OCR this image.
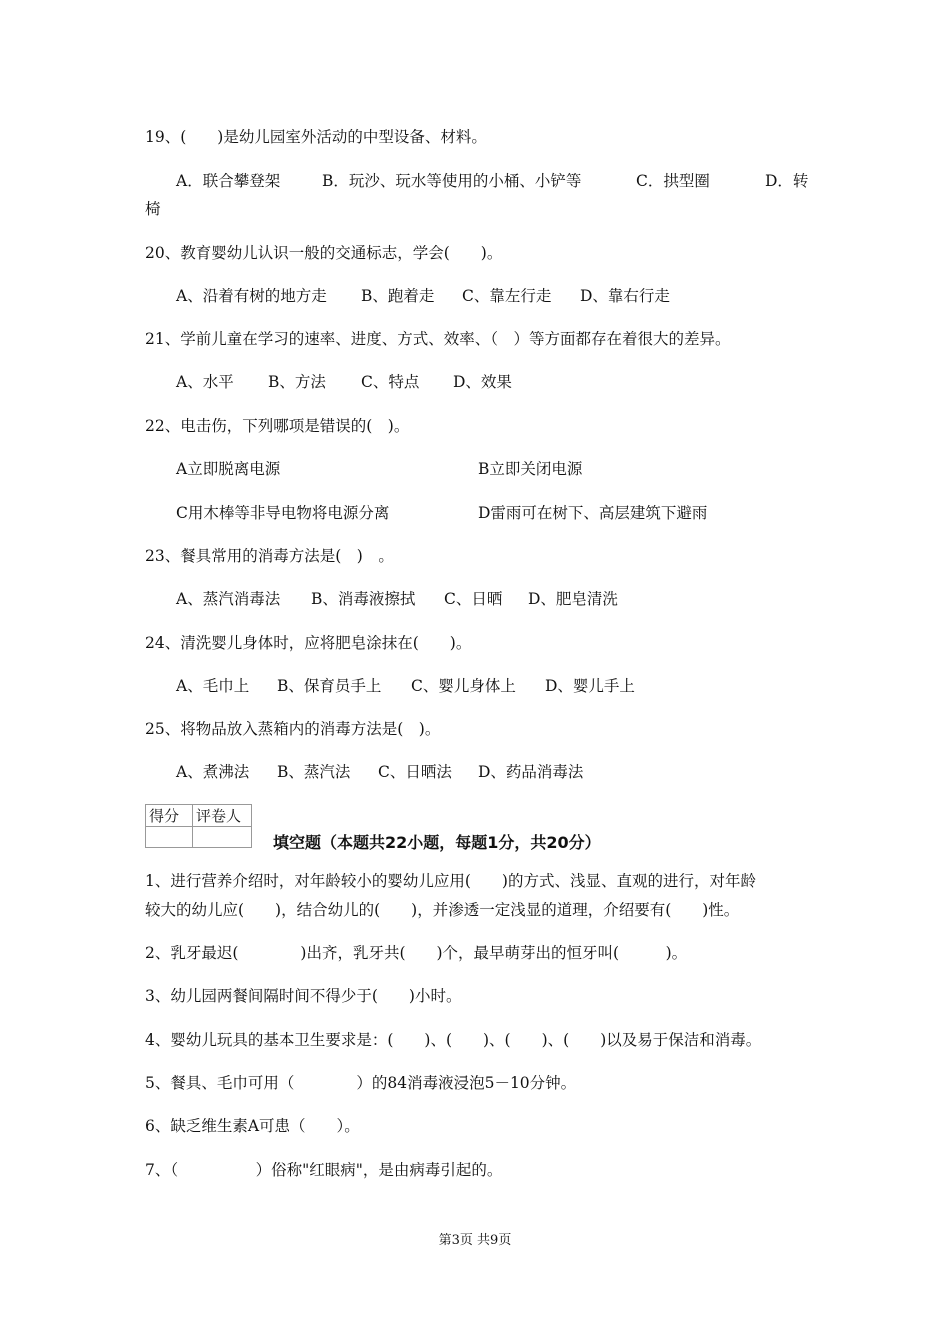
19、(　　)是幼儿园室外活动的中型设备、材料。
A．联合攀登架	B．玩沙、玩水等使用的小桶、小铲等	C．拱型圈	D．转
椅
20、教育婴幼儿认识一般的交通标志，学会(　　)。
A、沿着有树的地方走 B、跑着走 C、靠左行走 D、靠右行走
21、学前儿童在学习的速率、进度、方式、效率、（　）等方面都存在着很大的差异。
A、水平 B、方法 C、特点 D、效果
22、电击伤，下列哪项是错误的(　)。
A立即脱离电源	B立即关闭电源
C用木棒等非导电物将电源分离	D雷雨可在树下、高层建筑下避雨
23、餐具常用的消毒方法是(　)　。
A、蒸汽消毒法 B、消毒液擦拭 C、日晒 D、肥皂清洗
24、清洗婴儿身体时，应将肥皂涂抹在(　　)。
A、毛巾上 B、保育员手上 C、婴儿身体上 D、婴儿手上
25、将物品放入蒸箱内的消毒方法是(　)。
A、煮沸法 B、蒸汽法 C、日晒法 D、药品消毒法
得分	评卷人

填空题（本题共22小题，每题1分，共20分）
1、进行营养介绍时，对年龄较小的婴幼儿应用(　　)的方式、浅显、直观的进行，对年龄
较大的幼儿应(　　)，结合幼儿的(　　)，并渗透一定浅显的道理，介绍要有(　　)性。
2、乳牙最迟(　　　　)出齐，乳牙共(　　)个，最早萌芽出的恒牙叫(　　　)。
3、幼儿园两餐间隔时间不得少于(　　)小时。
4、婴幼儿玩具的基本卫生要求是：(　　)、(　　)、(　　)、(　　)以及易于保洁和消毒。
5、餐具、毛巾可用（　　　　）的84消毒液浸泡5－10分钟。
6、缺乏维生素A可患（　　）。
7、（　　　　　）俗称"红眼病"，是由病毒引起的。
第3页 共9页
